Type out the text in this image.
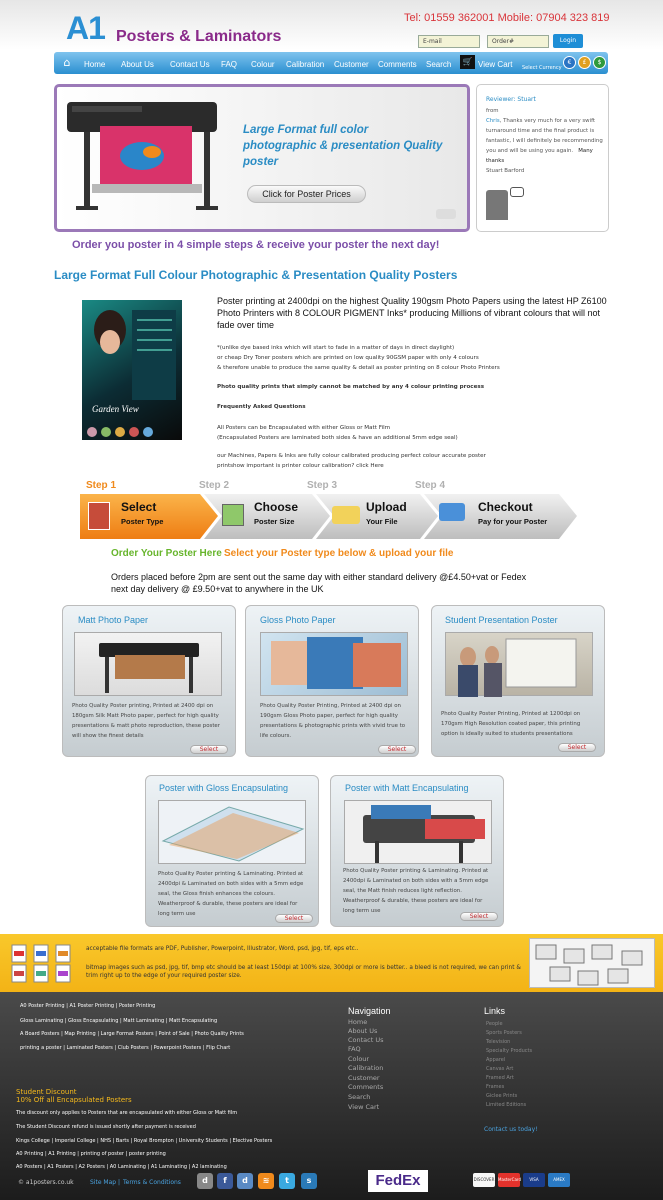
A1 Posters & Laminators
Tel: 01559 362001 Mobile: 07904 323 819
E-mail	Order#	Login
⌂	Home About Us Contact Us FAQ Colour Calibration Customer Comments Search	🛒 View Cart Select Currency
€	£	$
Large Format full color photographic & presentation Quality poster
Click for Poster Prices
Reviewer: Stuart
from
Chris, Thanks very much for a very swift turnaround time and the final product is fantastic, I will definitely be recommending you and will be using you again. Many thanks
Stuart Barford
Order you poster in 4 simple steps & receive your poster the next day!
Large Format Full Colour Photographic & Presentation Quality Posters
Garden View
Poster printing at 2400dpi on the highest Quality 190gsm Photo Papers using the latest HP Z6100 Photo Printers with 8 COLOUR PIGMENT Inks* producing Millions of vibrant colours that will not fade over time
*(unlike dye based inks which will start to fade in a matter of days in direct daylight)
or cheap Dry Toner posters which are printed on low quality 90GSM paper with only 4 colours
& therefore unable to produce the same quality & detail as poster printing on 8 colour Photo Printers
Photo quality prints that simply cannot be matched by any 4 colour printing process
Frequently Asked Questions
All Posters can be Encapsulated with either Gloss or Matt Film
(Encapsulated Posters are laminated both sides & have an additional 5mm edge seal)
our Machines, Papers & Inks are fully colour calibrated producing perfect colour accurate poster
printshow important is printer colour calibration? click Here
Step 1	Step 2	Step 3	Step 4
Select
Poster Type
Choose
Poster Size
Upload
Your File
Checkout
Pay for your Poster
Order Your Poster Here Select your Poster type below & upload your file
Orders placed before 2pm are sent out the same day with either standard delivery @£4.50+vat or Fedex next day delivery @ £9.50+vat to anywhere in the UK
Matt Photo Paper
Photo Quality Poster printing, Printed at 2400 dpi on 180gsm Silk Matt Photo paper, perfect for high quality presentations & matt photo reproduction, these poster will show the finest details
Select
Gloss Photo Paper
Photo Quality Poster Printing, Printed at 2400 dpi on 190gsm Gloss Photo paper, perfect for high quality presentations & photographic prints with vivid true to life colours.
Select
Student Presentation Poster
Photo Quality Poster Printing, Printed at 1200dpi on 170gsm High Resolution coated paper, this printing option is ideally suited to students presentations
Select
Poster with Gloss Encapsulating
Photo Quality Poster printing & Laminating. Printed at 2400dpi & Laminated on both sides with a 5mm edge seal, the Gloss finish enhances the colours. Weatherproof & durable, these posters are ideal for long term use
Select
Poster with Matt Encapsulating
Photo Quality Poster printing & Laminating. Printed at 2400dpi & Laminated on both sides with a 5mm edge seal, the Matt finish reduces light reflection. Weatherproof & durable, these posters are ideal for long term use
Select
acceptable file formats are PDF, Publisher, Powerpoint, Illustrator, Word, psd, jpg, tif, eps etc..
bitmap images such as psd, jpg, tif, bmp etc should be at least 150dpi at 100% size, 300dpi or more is better.. a bleed is not required, we can print & trim right up to the edge of your required poster size.
A0 Poster Printing | A1 Poster Printing | Poster Printing
Gloss Laminating | Gloss Encapsulating | Matt Laminating | Matt Encapsulating
A Board Posters | Map Printing | Large Format Posters | Point of Sale | Photo Quality Prints
printing a poster | Laminated Posters | Club Posters | Powerpoint Posters | Flip Chart
Student Discount
10% Off all Encapsulated Posters
The discount only applies to Posters that are encapsulated with either Gloss or Matt film
The Student Discount refund is issued shortly after payment is received
Kings College | Imperial College | NHS | Barts | Royal Brompton | University Students | Elective Posters
A0 Printing | A1 Printing | printing of poster | poster printing
A0 Posters | A1 Posters | A2 Posters | A0 Laminating | A1 Laminating | A2 laminating
Navigation
Home
About Us
Contact Us
FAQ
Colour
Calibration
Customer
Comments
Search
View Cart
Links
People
Sports Posters
Television
Specialty Products
Apparel
Canvas Art
Framed Art
Frames
Giclee Prints
Limited Editions
Contact us today!
© a1posters.co.uk	Site Map | Terms & Conditions	d	f	d	≋	t	s	FedEx	DISCOVER MasterCard	VISA	AMEX
